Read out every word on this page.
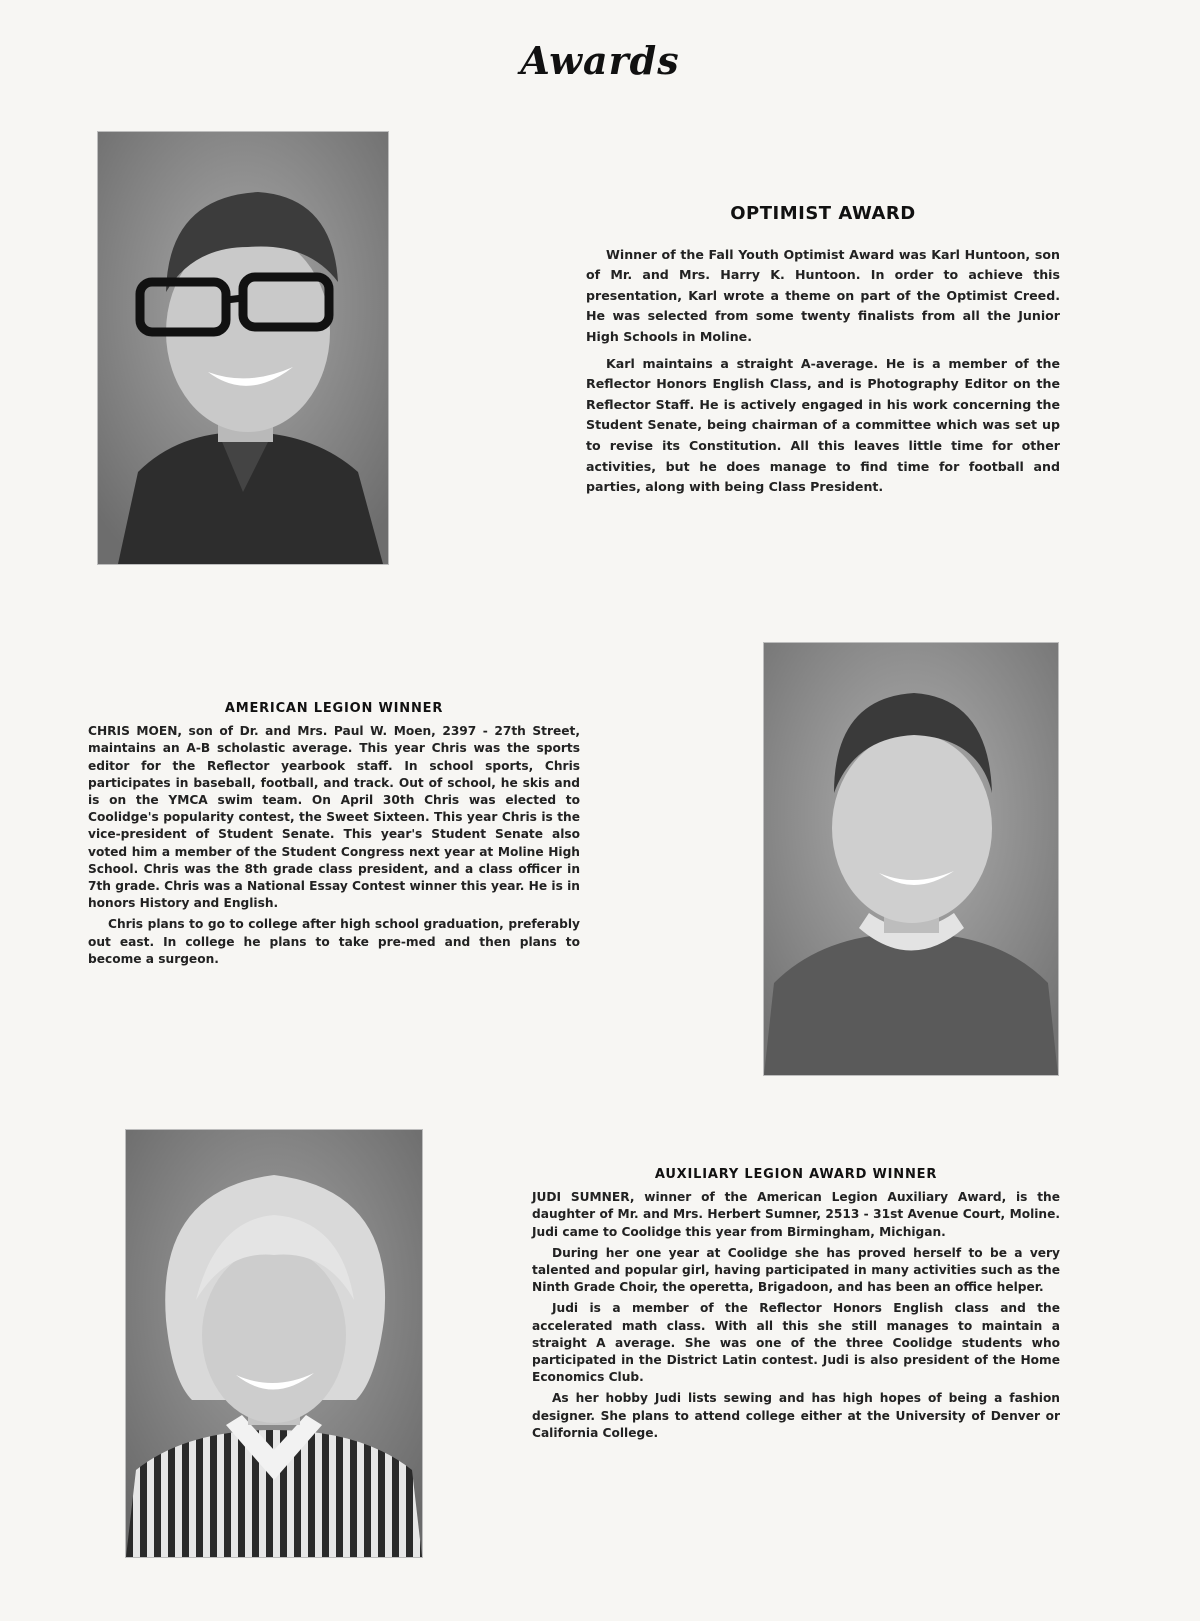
Awards
OPTIMIST AWARD

Winner of the Fall Youth Optimist Award was Karl Huntoon, son of Mr. and Mrs. Harry K. Huntoon. In order to achieve this presentation, Karl wrote a theme on part of the Optimist Creed. He was selected from some twenty finalists from all the Junior High Schools in Moline.

Karl maintains a straight A-average. He is a member of the Reflector Honors English Class, and is Photography Editor on the Reflector Staff. He is actively engaged in his work concerning the Student Senate, being chairman of a committee which was set up to revise its Constitution. All this leaves little time for other activities, but he does manage to find time for football and parties, along with being Class President.

AMERICAN LEGION WINNER

CHRIS MOEN, son of Dr. and Mrs. Paul W. Moen, 2397 - 27th Street, maintains an A-B scholastic average. This year Chris was the sports editor for the Reflector yearbook staff. In school sports, Chris participates in baseball, football, and track. Out of school, he skis and is on the YMCA swim team. On April 30th Chris was elected to Coolidge's popularity contest, the Sweet Sixteen. This year Chris is the vice-president of Student Senate. This year's Student Senate also voted him a member of the Student Congress next year at Moline High School. Chris was the 8th grade class president, and a class officer in 7th grade. Chris was a National Essay Contest winner this year. He is in honors History and English.

Chris plans to go to college after high school graduation, preferably out east. In college he plans to take pre-med and then plans to become a surgeon.

AUXILIARY LEGION AWARD WINNER

JUDI SUMNER, winner of the American Legion Auxiliary Award, is the daughter of Mr. and Mrs. Herbert Sumner, 2513 - 31st Avenue Court, Moline. Judi came to Coolidge this year from Birmingham, Michigan.

During her one year at Coolidge she has proved herself to be a very talented and popular girl, having participated in many activities such as the Ninth Grade Choir, the operetta, Brigadoon, and has been an office helper.

Judi is a member of the Reflector Honors English class and the accelerated math class. With all this she still manages to maintain a straight A average. She was one of the three Coolidge students who participated in the District Latin contest. Judi is also president of the Home Economics Club.

As her hobby Judi lists sewing and has high hopes of being a fashion designer. She plans to attend college either at the University of Denver or California College.
